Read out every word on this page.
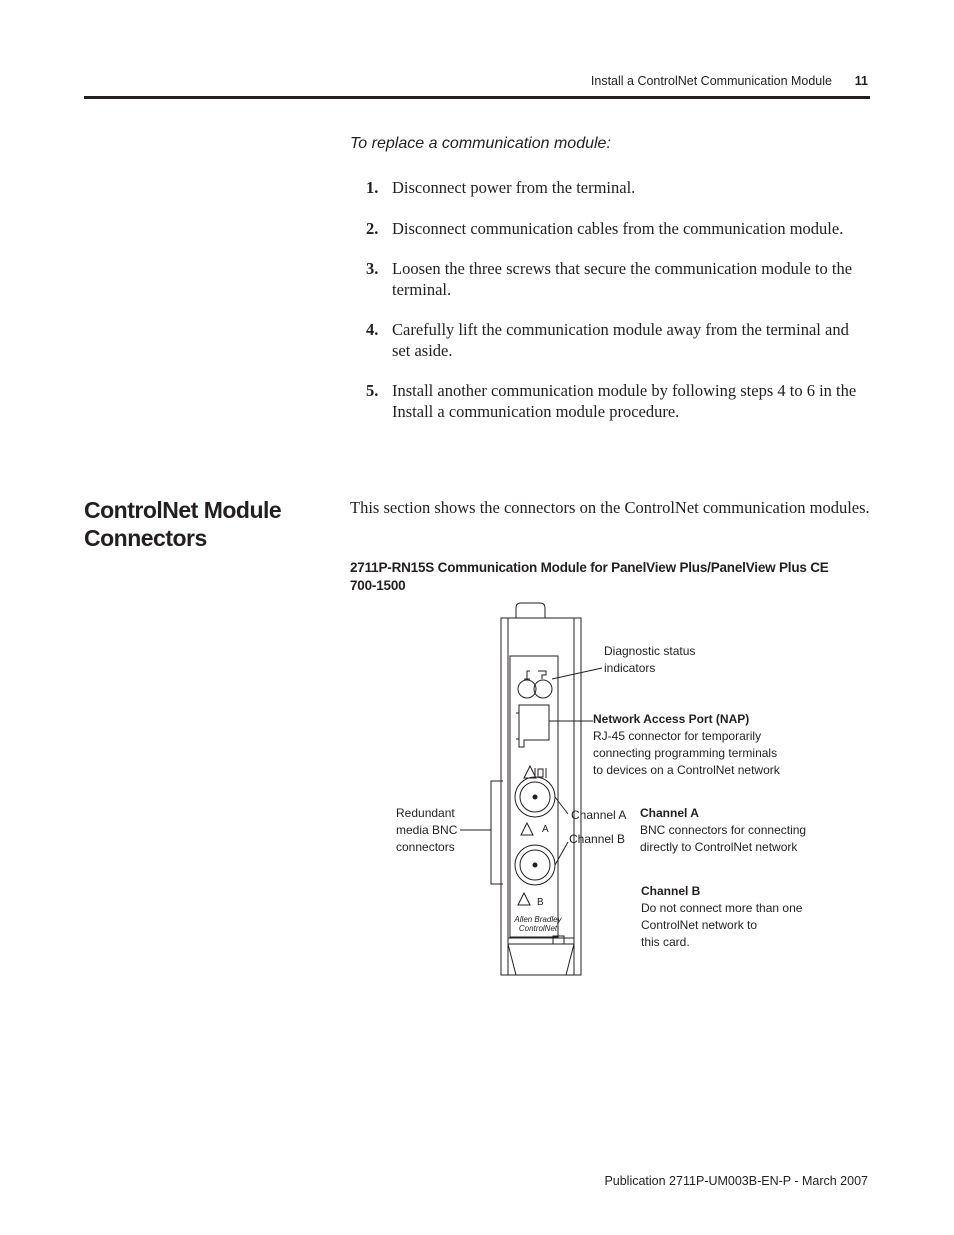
Install a ControlNet Communication Module 11
To replace a communication module:
1. Disconnect power from the terminal.
2. Disconnect communication cables from the communication module.
3. Loosen the three screws that secure the communication module to the terminal.
4. Carefully lift the communication module away from the terminal and set aside.
5. Install another communication module by following steps 4 to 6 in the Install a communication module procedure.
ControlNet Module Connectors

This section shows the connectors on the ControlNet communication modules.

2711P-RN15S Communication Module for PanelView Plus/PanelView Plus CE 700-1500

A
B
Allen Bradley
ControlNet
Diagnostic status
indicators
Network Access Port (NAP)
RJ-45 connector for temporarily
connecting programming terminals
to devices on a ControlNet network
Redundant
media BNC
connectors
Channel A
Channel B
Channel A
BNC connectors for connecting
directly to ControlNet network
Channel B
Do not connect more than one
ControlNet network to
this card.
Publication 2711P-UM003B-EN-P - March 2007
